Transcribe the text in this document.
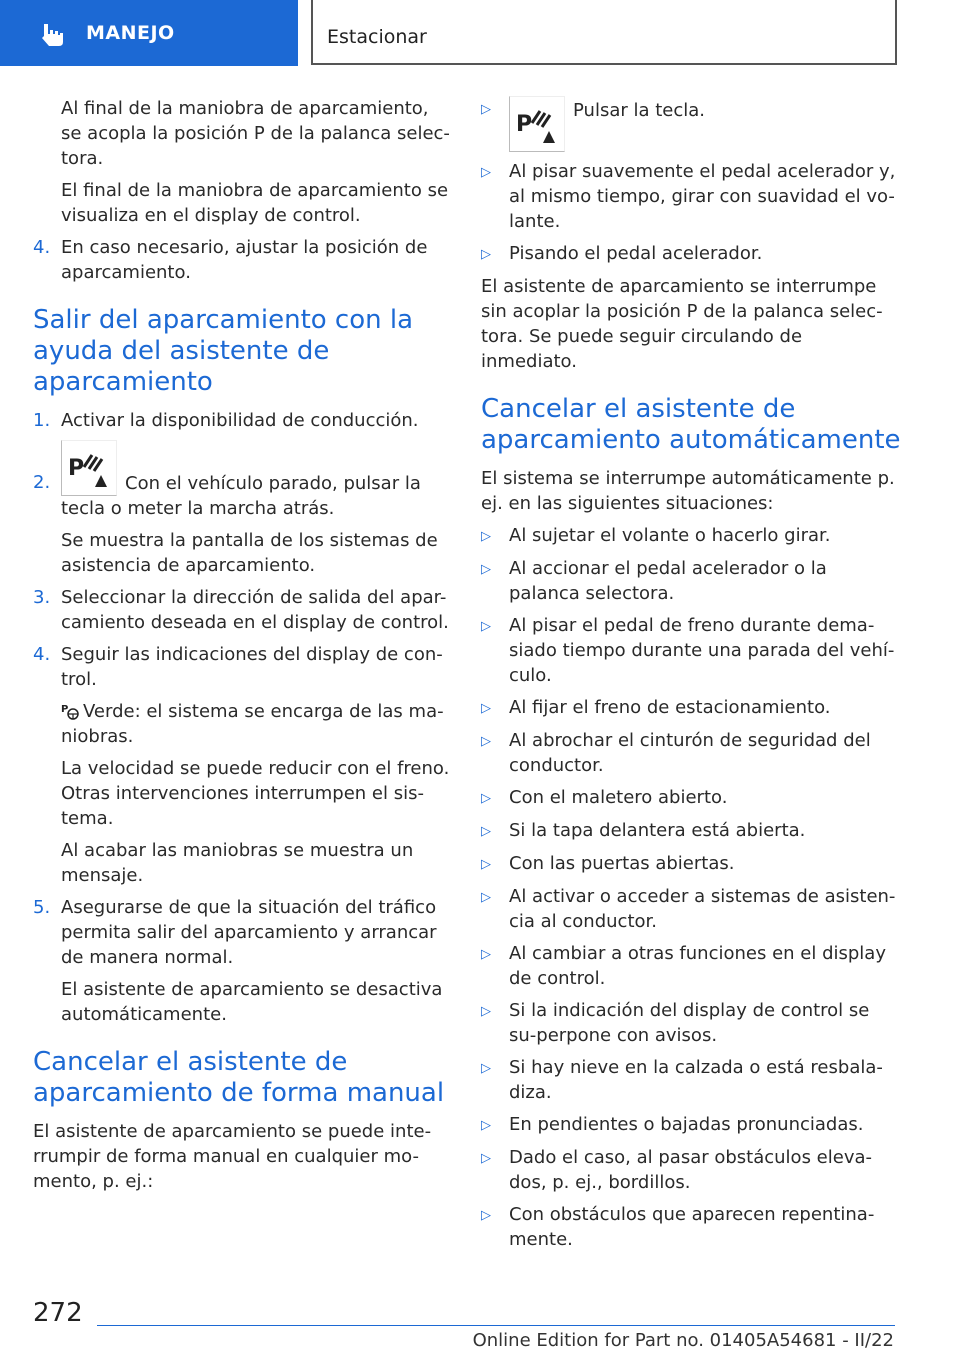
MANEJO	Estacionar

Al final de la maniobra de aparcamiento, se acopla la posición P de la palanca selec-tora.

El final de la maniobra de aparcamiento se visualiza en el display de control.

4. En caso necesario, ajustar la posición de aparcamiento.
Salir del aparcamiento con la ayuda del asistente de aparcamiento
1. Activar la disponibilidad de conducción.
2.

P
Con el vehículo parado, pulsar la tecla o meter la marcha atrás.

Se muestra la pantalla de los sistemas de asistencia de aparcamiento.

3. Seleccionar la dirección de salida del apar-camiento deseada en el display de control.
4. Seguir las indicaciones del display de con-trol.

P Verde: el sistema se encarga de las ma-niobras.

La velocidad se puede reducir con el freno. Otras intervenciones interrumpen el sis-tema.

Al acabar las maniobras se muestra un mensaje.

5. Asegurarse de que la situación del tráfico permita salir del aparcamiento y arrancar de manera normal.

El asistente de aparcamiento se desactiva automáticamente.

Cancelar el asistente de aparcamiento de forma manual

El asistente de aparcamiento se puede inte-rrumpir de forma manual en cualquier mo-mento, p. ej.:

▷
P
Pulsar la tecla.
▷	Al pisar suavemente el pedal acelerador y, al mismo tiempo, girar con suavidad el vo-lante.
▷	Pisando el pedal acelerador.

El asistente de aparcamiento se interrumpe sin acoplar la posición P de la palanca selec-tora. Se puede seguir circulando de inmediato.

Cancelar el asistente de aparcamiento automáticamente

El sistema se interrumpe automáticamente p. ej. en las siguientes situaciones:

▷	Al sujetar el volante o hacerlo girar.
▷	Al accionar el pedal acelerador o la palanca selectora.
▷	Al pisar el pedal de freno durante dema-siado tiempo durante una parada del vehí-culo.
▷	Al fijar el freno de estacionamiento.
▷	Al abrochar el cinturón de seguridad del conductor.
▷	Con el maletero abierto.
▷	Si la tapa delantera está abierta.
▷	Con las puertas abiertas.
▷	Al activar o acceder a sistemas de asisten-cia al conductor.
▷	Al cambiar a otras funciones en el display de control.
▷	Si la indicación del display de control se su-perpone con avisos.
▷	Si hay nieve en la calzada o está resbala-diza.
▷	En pendientes o bajadas pronunciadas.
▷	Dado el caso, al pasar obstáculos eleva-dos, p. ej., bordillos.
▷	Con obstáculos que aparecen repentina-mente.
272
Online Edition for Part no. 01405A54681 - II/22
